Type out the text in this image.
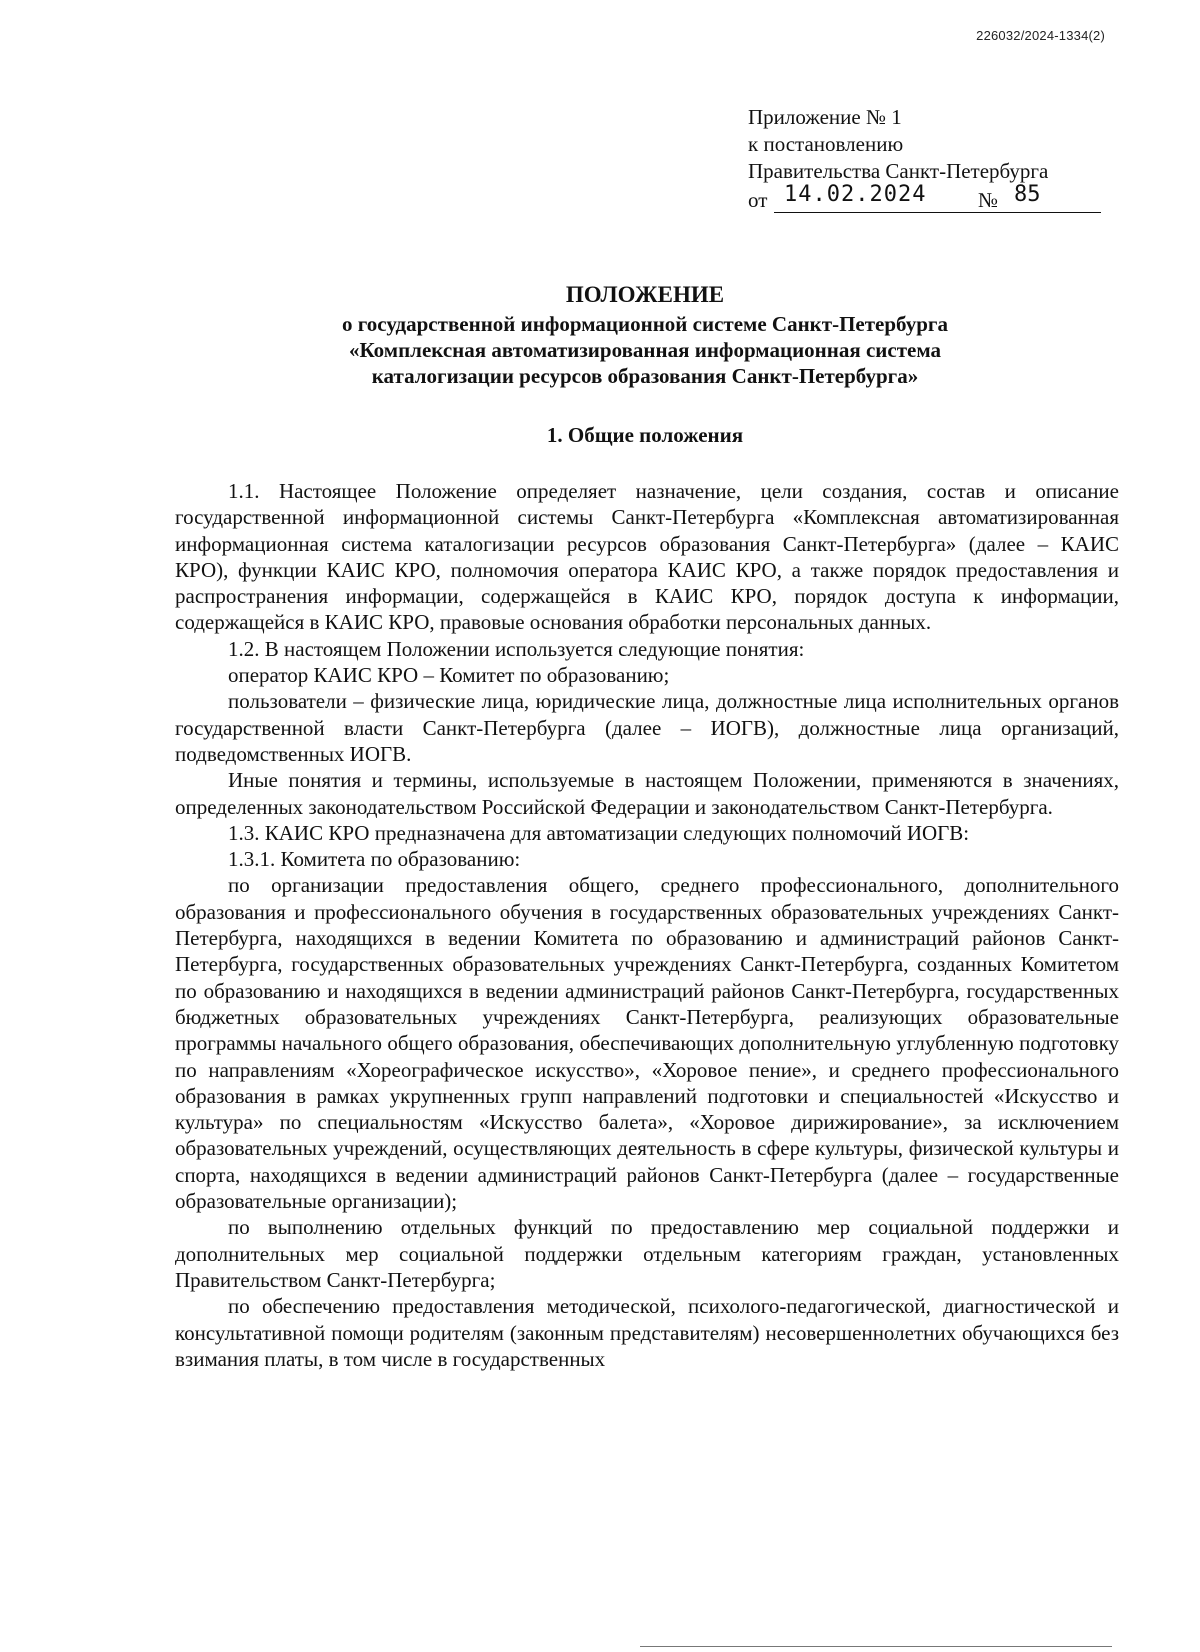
226032/2024-1334(2)
Приложение № 1
к постановлению
Правительства Санкт-Петербурга
от 14.02.2024 № 85
ПОЛОЖЕНИЕ
о государственной информационной системе Санкт-Петербурга
«Комплексная автоматизированная информационная система
каталогизации ресурсов образования Санкт-Петербурга»
1. Общие положения

1.1. Настоящее Положение определяет назначение, цели создания, состав и описание государственной информационной системы Санкт-Петербурга «Комплексная автоматизированная информационная система каталогизации ресурсов образования Санкт-Петербурга» (далее – КАИС КРО), функции КАИС КРО, полномочия оператора КАИС КРО, а также порядок предоставления и распространения информации, содержащейся в КАИС КРО, порядок доступа к информации, содержащейся в КАИС КРО, правовые основания обработки персональных данных.

1.2. В настоящем Положении используется следующие понятия:

оператор КАИС КРО – Комитет по образованию;

пользователи – физические лица, юридические лица, должностные лица исполнительных органов государственной власти Санкт-Петербурга (далее – ИОГВ), должностные лица организаций, подведомственных ИОГВ.

Иные понятия и термины, используемые в настоящем Положении, применяются в значениях, определенных законодательством Российской Федерации и законодательством Санкт-Петербурга.

1.3. КАИС КРО предназначена для автоматизации следующих полномочий ИОГВ:

1.3.1. Комитета по образованию:

по организации предоставления общего, среднего профессионального, дополнительного образования и профессионального обучения в государственных образовательных учреждениях Санкт-Петербурга, находящихся в ведении Комитета по образованию и администраций районов Санкт-Петербурга, государственных образовательных учреждениях Санкт-Петербурга, созданных Комитетом по образованию и находящихся в ведении администраций районов Санкт-Петербурга, государственных бюджетных образовательных учреждениях Санкт-Петербурга, реализующих образовательные программы начального общего образования, обеспечивающих дополнительную углубленную подготовку по направлениям «Хореографическое искусство», «Хоровое пение», и среднего профессионального образования в рамках укрупненных групп направлений подготовки и специальностей «Искусство и культура» по специальностям «Искусство балета», «Хоровое дирижирование», за исключением образовательных учреждений, осуществляющих деятельность в сфере культуры, физической культуры и спорта, находящихся в ведении администраций районов Санкт-Петербурга (далее – государственные образовательные организации);

по выполнению отдельных функций по предоставлению мер социальной поддержки и дополнительных мер социальной поддержки отдельным категориям граждан, установленных Правительством Санкт-Петербурга;

по обеспечению предоставления методической, психолого-педагогической, диагностической и консультативной помощи родителям (законным представителям) несовершеннолетних обучающихся без взимания платы, в том числе в государственных
